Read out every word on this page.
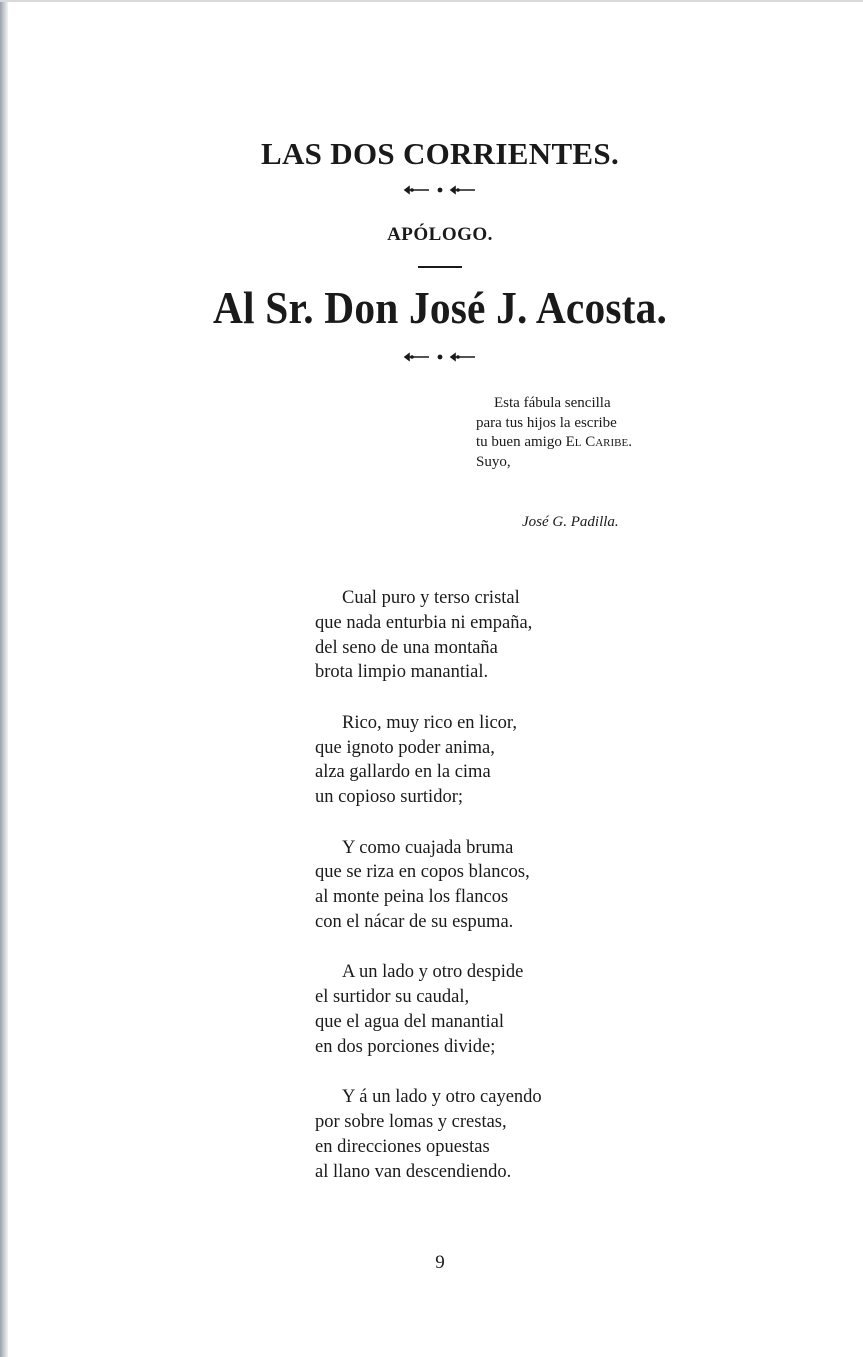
LAS DOS CORRIENTES.
APÓLOGO.
Al Sr. Don José J. Acosta.
Esta fábula sencilla
para tus hijos la escribe
tu buen amigo El Caribe.
Suyo,
José G. Padilla.
Cual puro y terso cristal
que nada enturbia ni empaña,
del seno de una montaña
brota limpio manantial.
Rico, muy rico en licor,
que ignoto poder anima,
alza gallardo en la cima
un copioso surtidor;
Y como cuajada bruma
que se riza en copos blancos,
al monte peina los flancos
con el nácar de su espuma.
A un lado y otro despide
el surtidor su caudal,
que el agua del manantial
en dos porciones divide;
Y á un lado y otro cayendo
por sobre lomas y crestas,
en direcciones opuestas
al llano van descendiendo.
9
